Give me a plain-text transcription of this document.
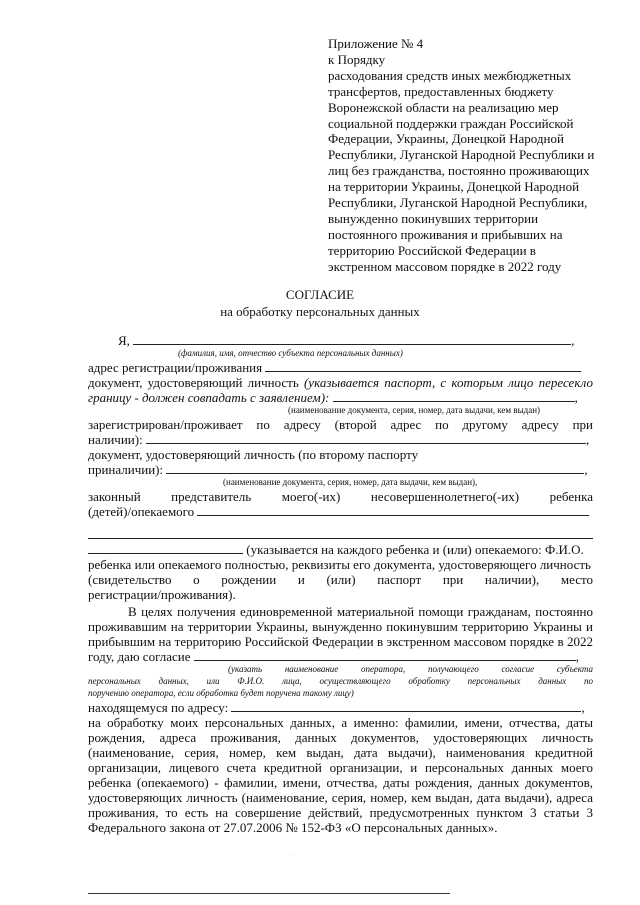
Приложение № 4
к Порядку
расходования средств иных межбюджетных
трансфертов, предоставленных бюджету
Воронежской области на реализацию мер
социальной поддержки граждан Российской
Федерации, Украины, Донецкой Народной
Республики, Луганской Народной Республики и
лиц без гражданства, постоянно проживающих
на территории Украины, Донецкой Народной
Республики, Луганской Народной Республики,
вынужденно покинувших территории
постоянного проживания и прибывших на
территорию Российской Федерации в
экстренном массовом порядке в 2022 году
СОГЛАСИЕ
на обработку персональных данных
Я,	,
(фамилия, имя, отчество субъекта персональных данных)
адрес регистрации/проживания
документ, удостоверяющий личность (указывается паспорт, с которым лицо пересекло
границу - должен совпадать с заявлением):	,
(наименование документа, серия, номер, дата выдачи, кем выдан)
зарегистрирован/проживает по адресу (второй адрес по другому адресу при
наличии):	,
документ, удостоверяющий личность (по второму паспорту
приналичии):	,
(наименование документа, серия, номер, дата выдачи, кем выдан),
законный представитель моего(-их) несовершеннолетнего(-их) ребенка
(детей)/опекаемого
(указывается на каждого ребенка и (или) опекаемого: Ф.И.О.
ребенка или опекаемого полностью, реквизиты его документа, удостоверяющего личность
(свидетельство о рождении и (или) паспорт при наличии), место
регистрации/проживания).
В целях получения единовременной материальной помощи гражданам, постоянно
проживавшим на территории Украины, вынужденно покинувшим территорию Украины и
прибывшим на территорию Российской Федерации в экстренном массовом порядке в 2022
году, даю согласие	,
(указать наименование оператора, получающего согласие субъекта
персональных данных, или Ф.И.О. лица, осуществляющего обработку персональных данных по
поручению оператора, если обработка будет поручена такому лицу)
находящемуся по адресу:	,
на обработку моих персональных данных, а именно: фамилии, имени, отчества, даты
рождения, адреса проживания, данных документов, удостоверяющих личность
(наименование, серия, номер, кем выдан, дата выдачи), наименования кредитной
организации, лицевого счета кредитной организации, и персональных данных моего
ребенка (опекаемого) - фамилии, имени, отчества, даты рождения, данных документов,
удостоверяющих личность (наименование, серия, номер, кем выдан, дата выдачи), адреса
проживания, то есть на совершение действий, предусмотренных пунктом 3 статьи 3
Федерального закона от 27.07.2006 № 152-ФЗ «О персональных данных».
·
